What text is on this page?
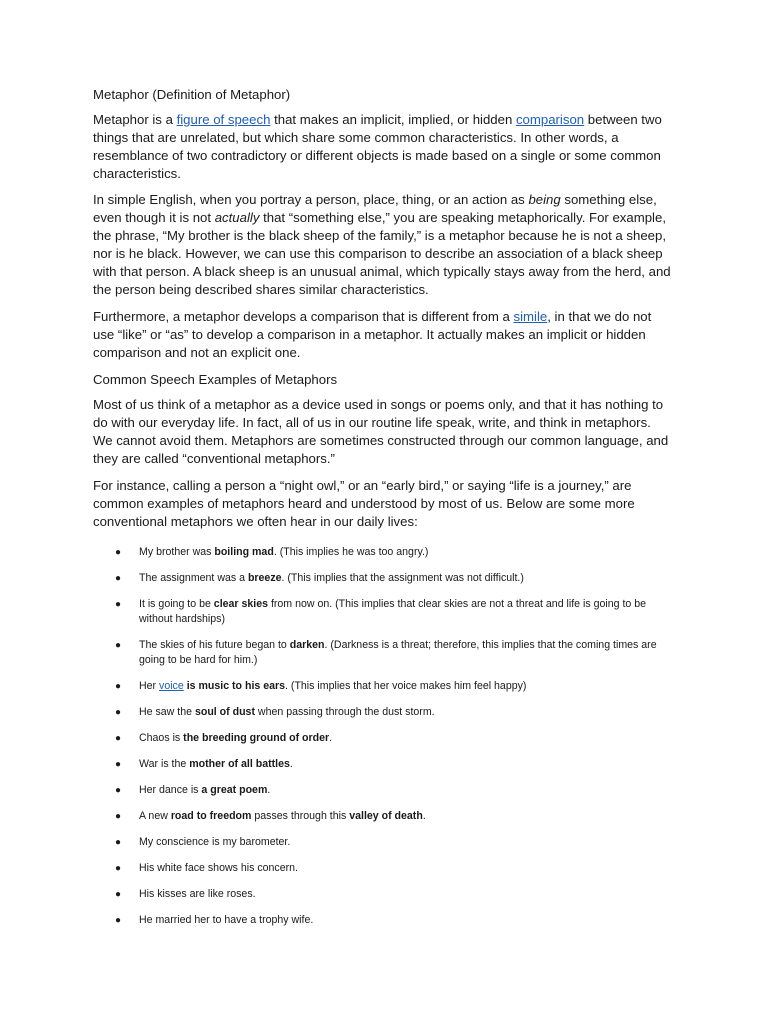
Metaphor (Definition of Metaphor)

Metaphor is a figure of speech that makes an implicit, implied, or hidden comparison between two things that are unrelated, but which share some common characteristics. In other words, a resemblance of two contradictory or different objects is made based on a single or some common characteristics.

In simple English, when you portray a person, place, thing, or an action as being something else, even though it is not actually that “something else,” you are speaking metaphorically. For example, the phrase, “My brother is the black sheep of the family,” is a metaphor because he is not a sheep, nor is he black. However, we can use this comparison to describe an association of a black sheep with that person. A black sheep is an unusual animal, which typically stays away from the herd, and the person being described shares similar characteristics.

Furthermore, a metaphor develops a comparison that is different from a simile, in that we do not use “like” or “as” to develop a comparison in a metaphor. It actually makes an implicit or hidden comparison and not an explicit one.

Common Speech Examples of Metaphors

Most of us think of a metaphor as a device used in songs or poems only, and that it has nothing to do with our everyday life. In fact, all of us in our routine life speak, write, and think in metaphors. We cannot avoid them. Metaphors are sometimes constructed through our common language, and they are called “conventional metaphors.”

For instance, calling a person a “night owl,” or an “early bird,” or saying “life is a journey,” are common examples of metaphors heard and understood by most of us. Below are some more conventional metaphors we often hear in our daily lives:

● My brother was boiling mad. (This implies he was too angry.)
● The assignment was a breeze. (This implies that the assignment was not difficult.)
● It is going to be clear skies from now on. (This implies that clear skies are not a threat and life is going to be without hardships)
● The skies of his future began to darken. (Darkness is a threat; therefore, this implies that the coming times are going to be hard for him.)
● Her voice is music to his ears. (This implies that her voice makes him feel happy)
● He saw the soul of dust when passing through the dust storm.
● Chaos is the breeding ground of order.
● War is the mother of all battles.
● Her dance is a great poem.
● A new road to freedom passes through this valley of death.
● My conscience is my barometer.
● His white face shows his concern.
● His kisses are like roses.
● He married her to have a trophy wife.
